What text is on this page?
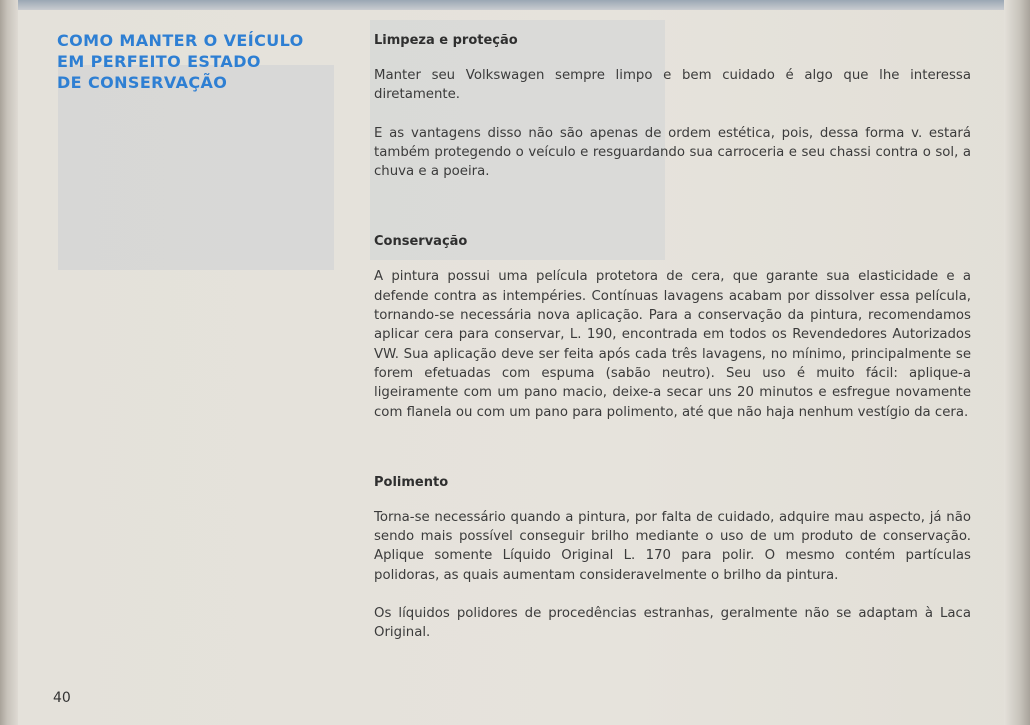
COMO MANTER O VEÍCULO
EM PERFEITO ESTADO
DE CONSERVAÇÃO
Limpeza e proteção

Manter seu Volkswagen sempre limpo e bem cuidado é algo que lhe interessa diretamente.

E as vantagens disso não são apenas de ordem estética, pois, dessa forma v. estará também protegendo o veículo e resguardando sua carroceria e seu chassi contra o sol, a chuva e a poeira.

Conservação

A pintura possui uma película protetora de cera, que garante sua elasticidade e a defende contra as intempéries. Contínuas lavagens acabam por dissolver essa película, tornando-se necessária nova aplicação. Para a conservação da pintura, recomendamos aplicar cera para conservar, L. 190, encontrada em todos os Revendedores Autorizados VW. Sua aplicação deve ser feita após cada três lavagens, no mínimo, principalmente se forem efetuadas com espuma (sabão neutro). Seu uso é muito fácil: aplique-a ligeiramente com um pano macio, deixe-a secar uns 20 minutos e esfregue novamente com flanela ou com um pano para polimento, até que não haja nenhum vestígio da cera.

Polimento

Torna-se necessário quando a pintura, por falta de cuidado, adquire mau aspecto, já não sendo mais possível conseguir brilho mediante o uso de um produto de conservação. Aplique somente Líquido Original L. 170 para polir. O mesmo contém partículas polidoras, as quais aumentam consideravelmente o brilho da pintura.

Os líquidos polidores de procedências estranhas, geralmente não se adaptam à Laca Original.

40
